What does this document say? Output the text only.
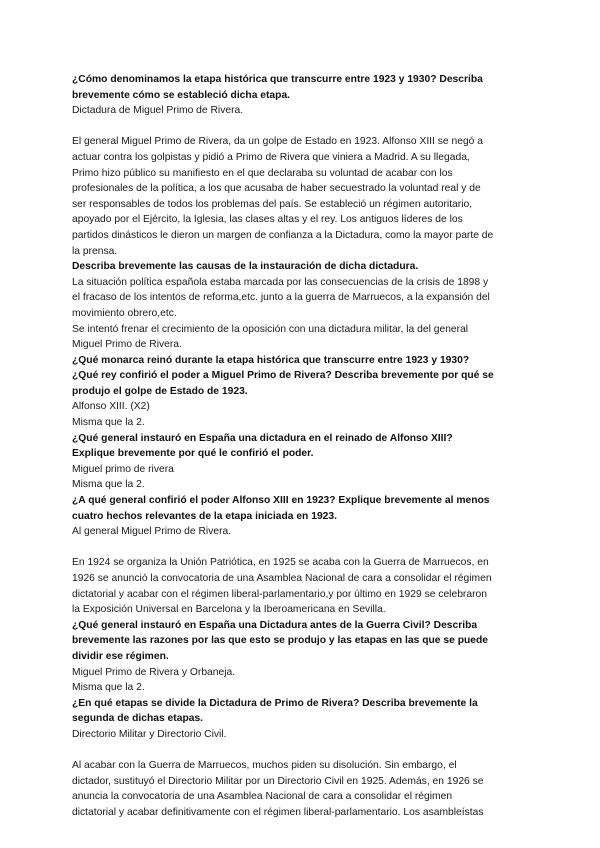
¿Cómo denominamos la etapa histórica que transcurre entre 1923 y 1930? Describa

brevemente cómo se estableció dicha etapa.

Dictadura de Miguel Primo de Rivera.

El general Miguel Primo de Rivera, da un golpe de Estado en 1923. Alfonso XIII se negó a

actuar contra los golpistas y pidió a Primo de Rivera que viniera a Madrid. A su llegada,

Primo hizo público su manifiesto en el que declaraba su voluntad de acabar con los

profesionales de la política, a los que acusaba de haber secuestrado la voluntad real y de

ser responsables de todos los problemas del país. Se estableció un régimen autoritario,

apoyado por el Ejército, la Iglesia, las clases altas y el rey. Los antiguos líderes de los

partidos dinásticos le dieron un margen de confianza a la Dictadura, como la mayor parte de

la prensa.

Describa brevemente las causas de la instauración de dicha dictadura.

La situación política española estaba marcada por las consecuencias de la crisis de 1898 y

el fracaso de los intentos de reforma,etc. junto a la guerra de Marruecos, a la expansión del

movimiento obrero,etc.

Se intentó frenar el crecimiento de la oposición con una dictadura militar, la del general

Miguel Primo de Rivera.

¿Qué monarca reinó durante la etapa histórica que transcurre entre 1923 y 1930?

¿Qué rey confirió el poder a Miguel Primo de Rivera? Describa brevemente por qué se

produjo el golpe de Estado de 1923.

Alfonso XIII. (X2)

Misma que la 2.

¿Qué general instauró en España una dictadura en el reinado de Alfonso XIII?

Explique brevemente por qué le confirió el poder.

Miguel primo de rivera

Misma que la 2.

¿A qué general confirió el poder Alfonso XIII en 1923? Explique brevemente al menos

cuatro hechos relevantes de la etapa iniciada en 1923.

Al general Miguel Primo de Rivera.

En 1924 se organiza la Unión Patriótica, en 1925 se acaba con la Guerra de Marruecos, en

1926 se anunció la convocatoria de una Asamblea Nacional de cara a consolidar el régimen

dictatorial y acabar con el régimen liberal-parlamentario,y por último en 1929 se celebraron

la Exposición Universal en Barcelona y la Iberoamericana en Sevilla.

¿Qué general instauró en España una Dictadura antes de la Guerra Civil? Describa

brevemente las razones por las que esto se produjo y las etapas en las que se puede

dividir ese régimen.

Miguel Primo de Rivera y Orbaneja.

Misma que la 2.

¿En qué etapas se divide la Dictadura de Primo de Rivera? Describa brevemente la

segunda de dichas etapas.

Directorio Militar y Directorio Civil.

Al acabar con la Guerra de Marruecos, muchos piden su disolución. Sin embargo, el

dictador, sustituyó el Directorio Militar por un Directorio Civil en 1925. Además, en 1926 se

anuncia la convocatoria de una Asamblea Nacional de cara a consolidar el régimen

dictatorial y acabar definitivamente con el régimen liberal-parlamentario. Los asambleístas
